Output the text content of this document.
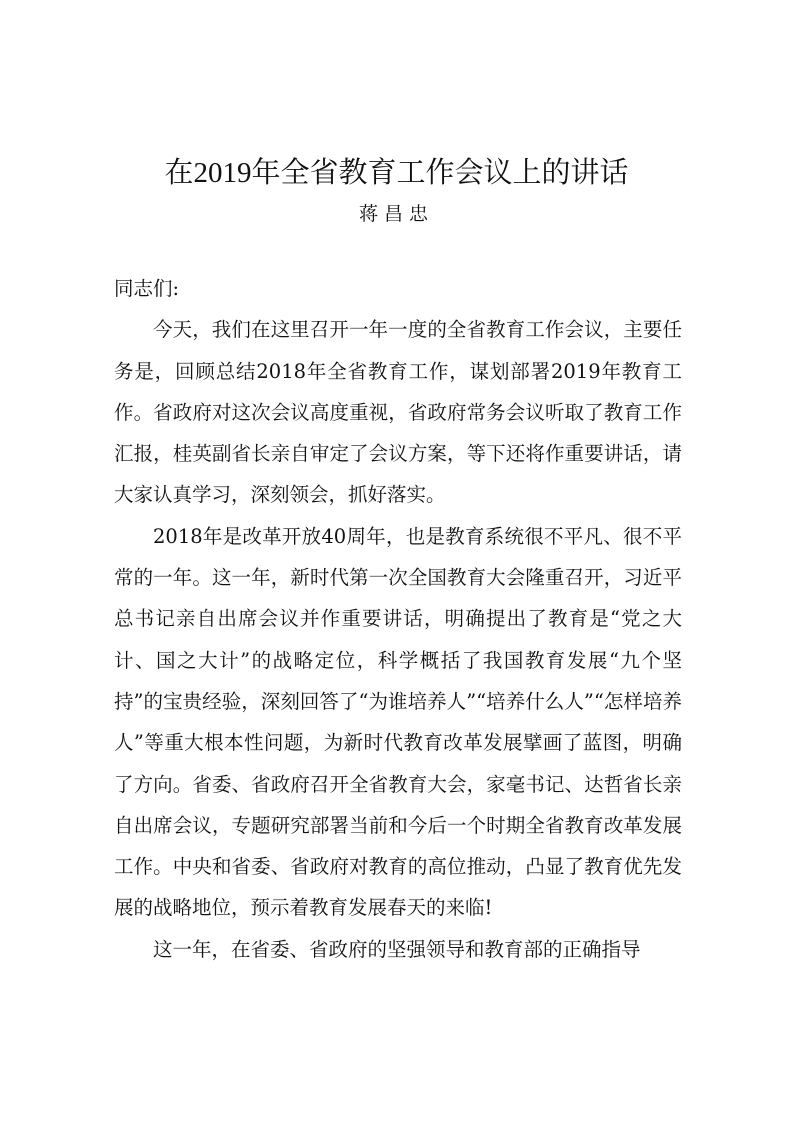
在2019年全省教育工作会议上的讲话
蒋昌忠

同志们:

今天，我们在这里召开一年一度的全省教育工作会议，主要任务是，回顾总结2018年全省教育工作，谋划部署2019年教育工作。省政府对这次会议高度重视，省政府常务会议听取了教育工作汇报，桂英副省长亲自审定了会议方案，等下还将作重要讲话，请大家认真学习，深刻领会，抓好落实。

2018年是改革开放40周年，也是教育系统很不平凡、很不平常的一年。这一年，新时代第一次全国教育大会隆重召开，习近平总书记亲自出席会议并作重要讲话，明确提出了教育是“党之大计、国之大计”的战略定位，科学概括了我国教育发展“九个坚持”的宝贵经验，深刻回答了“为谁培养人”“培养什么人”“怎样培养人”等重大根本性问题，为新时代教育改革发展擘画了蓝图，明确了方向。省委、省政府召开全省教育大会，家毫书记、达哲省长亲自出席会议，专题研究部署当前和今后一个时期全省教育改革发展工作。中央和省委、省政府对教育的高位推动，凸显了教育优先发展的战略地位，预示着教育发展春天的来临!

这一年，在省委、省政府的坚强领导和教育部的正确指导
